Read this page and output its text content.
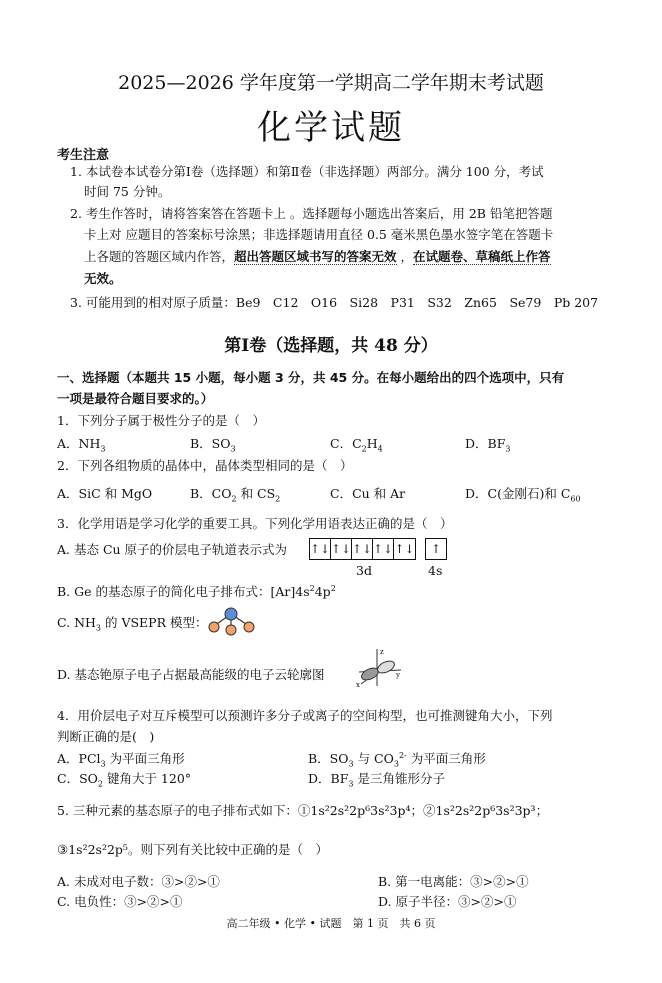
2025—2026 学年度第一学期高二学年期末考试题
化学试题
考生注意
1. 本试卷本试卷分第Ⅰ卷（选择题）和第Ⅱ卷（非选择题）两部分。满分 100 分，考试
时间 75 分钟。
2. 考生作答时，请将答案答在答题卡上 。选择题每小题选出答案后，用 2B 铅笔把答题
卡上对 应题目的答案标号涂黑；非选择题请用直径 0.5 毫米黑色墨水签字笔在答题卡
上各题的答题区域内作答，超出答题区域书写的答案无效 ，在试题卷、草稿纸上作答
无效。
3. 可能用到的相对原子质量：Be9　C12　O16　Si28　P31　S32　Zn65　Se79　Pb 207
第Ⅰ卷（选择题，共 48 分）
一、选择题（本题共 15 小题，每小题 3 分，共 45 分。在每小题给出的四个选项中，只有
一项是最符合题目要求的。）
1．下列分子属于极性分子的是（　）
A．$NH_3$	B．$SO_3$	C．$C_2H_4$	D．$BF_3$
2．下列各组物质的晶体中，晶体类型相同的是（　）
A．SiC 和 MgO	B．$CO_2$ 和 $CS_2$	C．Cu 和 Ar	D．C(金刚石)和 $C_{60}$
3．化学用语是学习化学的重要工具。下列化学用语表达正确的是（　）
A. 基态 Cu 原子的价层电子轨道表示式为 ↑↓ ↑↓ ↑↓ ↑↓ ↑↓	↑
3d	4s
B. Ge 的基态原子的简化电子排布式：$[Ar]4s^24p^2$
C. $NH_3$ 的 VSEPR 模型：
D. 基态铯原子电子占据最高能级的电子云轮廓图
z
y
x
4．用价层电子对互斥模型可以预测许多分子或离子的空间构型，也可推测键角大小，下列
判断正确的是(　)
A．PCl$_3$ 为平面三角形	B．$SO_3$ 与 $CO_3^{2-}$ 为平面三角形
C．$SO_2$ 键角大于 120°	D．$BF_3$ 是三角锥形分子
5. 三种元素的基态原子的电子排布式如下：①1s²2s²2p⁶3s²3p⁴；②1s²2s²2p⁶3s²3p³；
③1s²2s²2p⁵。则下列有关比较中正确的是（　）
A. 未成对电子数：③>②>①	B. 第一电离能：③>②>①
C. 电负性：③>②>①	D. 原子半径：③>②>①
高二年级 • 化学 • 试题　第 1 页　共 6 页
